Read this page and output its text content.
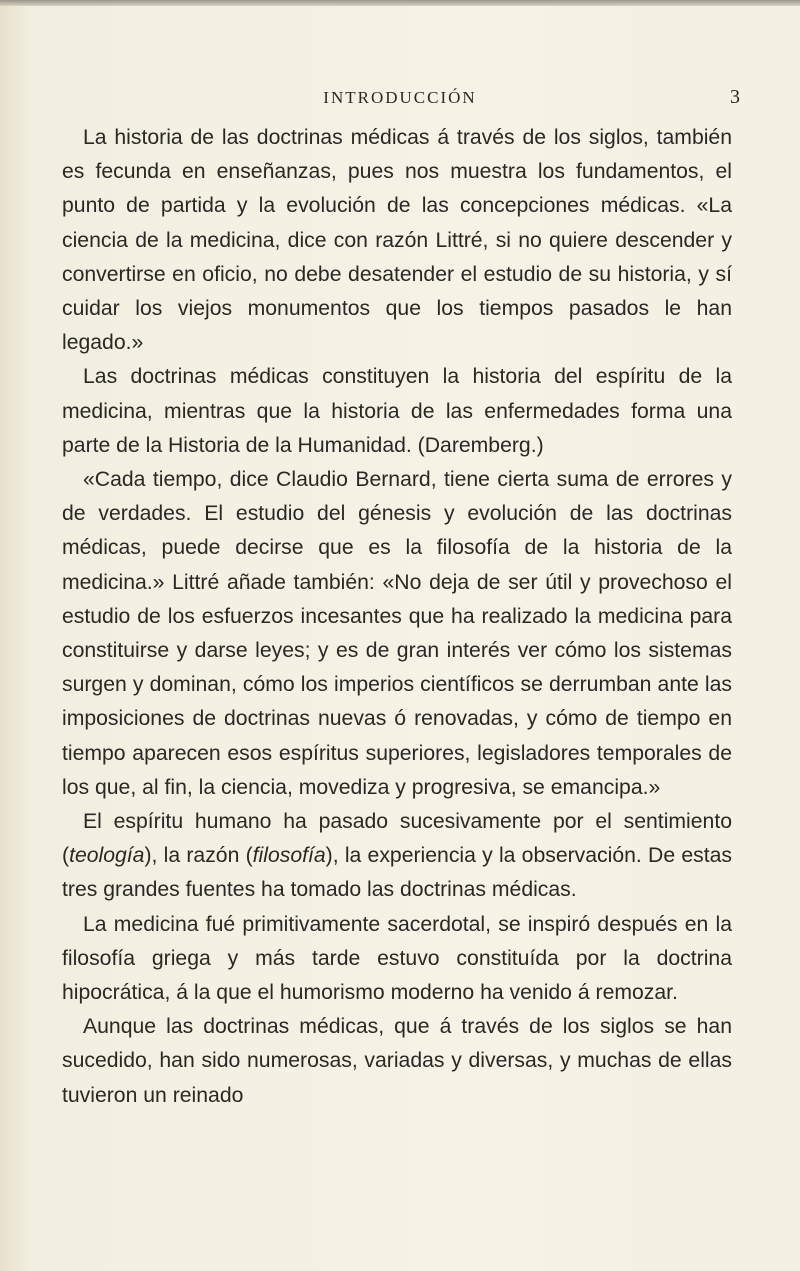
INTRODUCCIÓN	3

La historia de las doctrinas médicas á través de los siglos, también es fecunda en enseñanzas, pues nos muestra los fundamentos, el punto de partida y la evolución de las concepciones médicas. «La ciencia de la medicina, dice con razón Littré, si no quiere descender y convertirse en oficio, no debe desatender el estudio de su historia, y sí cuidar los viejos monumentos que los tiempos pasados le han legado.»

Las doctrinas médicas constituyen la historia del espíritu de la medicina, mientras que la historia de las enfermedades forma una parte de la Historia de la Humanidad. (Daremberg.)

«Cada tiempo, dice Claudio Bernard, tiene cierta suma de errores y de verdades. El estudio del génesis y evolución de las doctrinas médicas, puede decirse que es la filosofía de la historia de la medicina.» Littré añade también: «No deja de ser útil y provechoso el estudio de los esfuerzos incesantes que ha realizado la medicina para constituirse y darse leyes; y es de gran interés ver cómo los sistemas surgen y dominan, cómo los imperios científicos se derrumban ante las imposiciones de doctrinas nuevas ó renovadas, y cómo de tiempo en tiempo aparecen esos espíritus superiores, legisladores temporales de los que, al fin, la ciencia, movediza y progresiva, se emancipa.»

El espíritu humano ha pasado sucesivamente por el sentimiento (teología), la razón (filosofía), la experiencia y la observación. De estas tres grandes fuentes ha tomado las doctrinas médicas.

La medicina fué primitivamente sacerdotal, se inspiró después en la filosofía griega y más tarde estuvo constituída por la doctrina hipocrática, á la que el humorismo moderno ha venido á remozar.

Aunque las doctrinas médicas, que á través de los siglos se han sucedido, han sido numerosas, variadas y diversas, y muchas de ellas tuvieron un reinado
